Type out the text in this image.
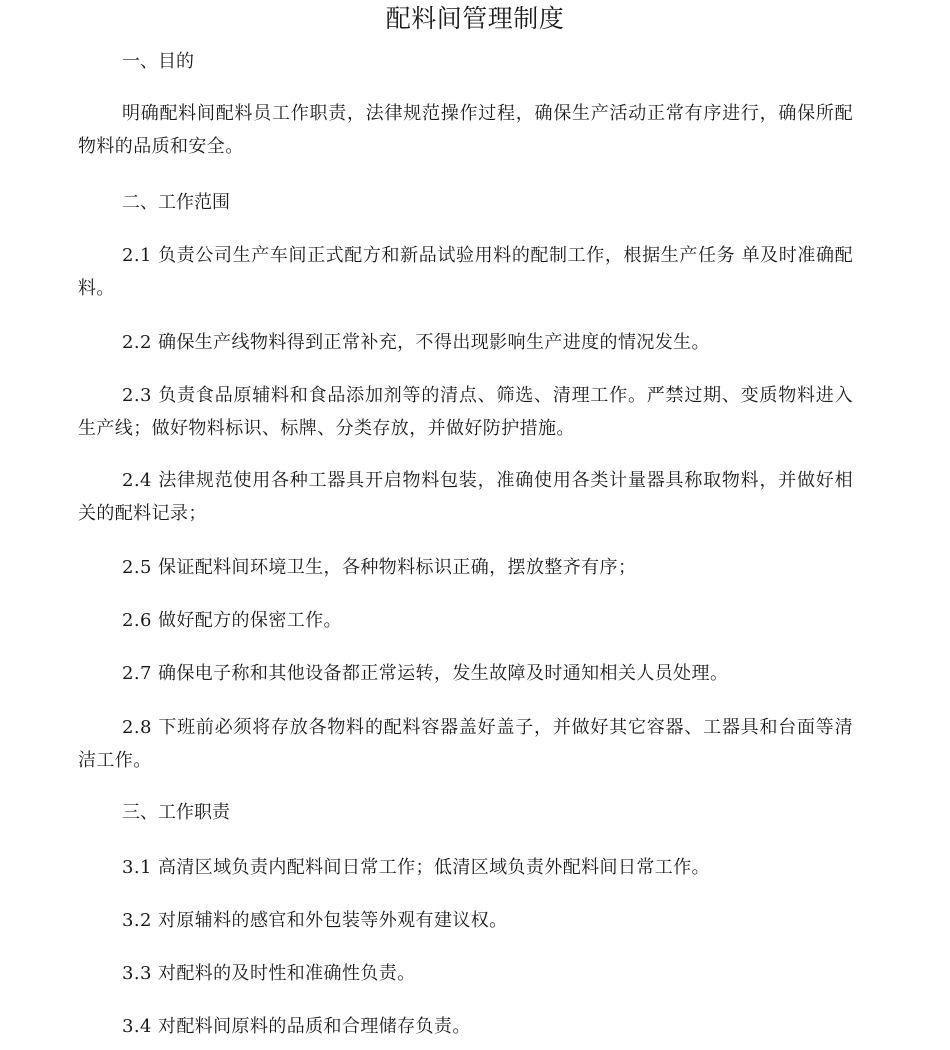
配料间管理制度
一、目的
明确配料间配料员工作职责，法律规范操作过程，确保生产活动正常有序进行，确保所配物料的品质和安全。
二、工作范围
2.1 负责公司生产车间正式配方和新品试验用料的配制工作，根据生产任务 单及时准确配料。
2.2 确保生产线物料得到正常补充，不得出现影响生产进度的情况发生。
2.3 负责食品原辅料和食品添加剂等的清点、筛选、清理工作。严禁过期、变质物料进入生产线；做好物料标识、标牌、分类存放，并做好防护措施。
2.4 法律规范使用各种工器具开启物料包装，准确使用各类计量器具称取物料，并做好相关的配料记录；
2.5 保证配料间环境卫生，各种物料标识正确，摆放整齐有序；
2.6 做好配方的保密工作。
2.7 确保电子称和其他设备都正常运转，发生故障及时通知相关人员处理。
2.8 下班前必须将存放各物料的配料容器盖好盖子，并做好其它容器、工器具和台面等清洁工作。
三、工作职责
3.1 高清区域负责内配料间日常工作；低清区域负责外配料间日常工作。
3.2 对原辅料的感官和外包装等外观有建议权。
3.3 对配料的及时性和准确性负责。
3.4 对配料间原料的品质和合理储存负责。
